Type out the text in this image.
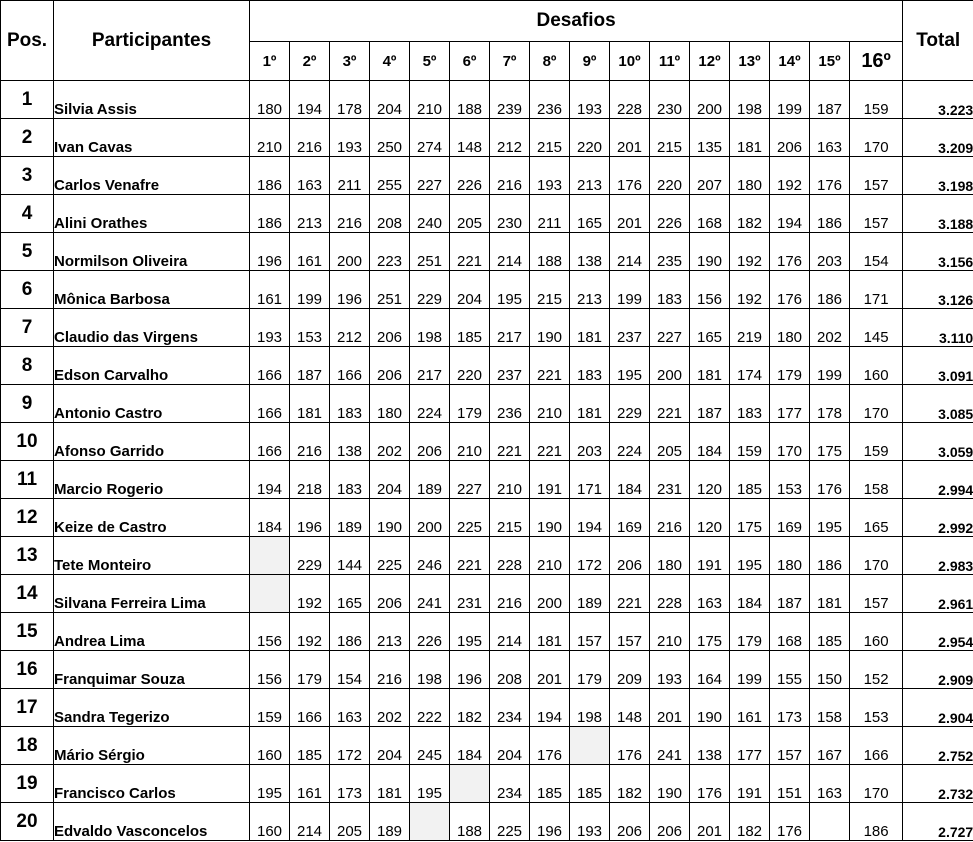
Pos.	Participantes	Desafios																Total
		1º	2º	3º	4º	5º	6º	7º	8º	9º	10º	11º	12º	13º	14º	15º	16º	
1	Silvia Assis	180	194	178	204	210	188	239	236	193	228	230	200	198	199	187	159	3.223
2	Ivan Cavas	210	216	193	250	274	148	212	215	220	201	215	135	181	206	163	170	3.209
3	Carlos Venafre	186	163	211	255	227	226	216	193	213	176	220	207	180	192	176	157	3.198
4	Alini Orathes	186	213	216	208	240	205	230	211	165	201	226	168	182	194	186	157	3.188
5	Normilson Oliveira	196	161	200	223	251	221	214	188	138	214	235	190	192	176	203	154	3.156
6	Mônica Barbosa	161	199	196	251	229	204	195	215	213	199	183	156	192	176	186	171	3.126
7	Claudio das Virgens	193	153	212	206	198	185	217	190	181	237	227	165	219	180	202	145	3.110
8	Edson Carvalho	166	187	166	206	217	220	237	221	183	195	200	181	174	179	199	160	3.091
9	Antonio Castro	166	181	183	180	224	179	236	210	181	229	221	187	183	177	178	170	3.085
10	Afonso Garrido	166	216	138	202	206	210	221	221	203	224	205	184	159	170	175	159	3.059
11	Marcio Rogerio	194	218	183	204	189	227	210	191	171	184	231	120	185	153	176	158	2.994
12	Keize de Castro	184	196	189	190	200	225	215	190	194	169	216	120	175	169	195	165	2.992
13	Tete Monteiro		229	144	225	246	221	228	210	172	206	180	191	195	180	186	170	2.983
14	Silvana Ferreira Lima		192	165	206	241	231	216	200	189	221	228	163	184	187	181	157	2.961
15	Andrea Lima	156	192	186	213	226	195	214	181	157	157	210	175	179	168	185	160	2.954
16	Franquimar Souza	156	179	154	216	198	196	208	201	179	209	193	164	199	155	150	152	2.909
17	Sandra Tegerizo	159	166	163	202	222	182	234	194	198	148	201	190	161	173	158	153	2.904
18	Mário Sérgio	160	185	172	204	245	184	204	176		176	241	138	177	157	167	166	2.752
19	Francisco Carlos	195	161	173	181	195		234	185	185	182	190	176	191	151	163	170	2.732
20	Edvaldo Vasconcelos	160	214	205	189		188	225	196	193	206	206	201	182	176		186	2.727
